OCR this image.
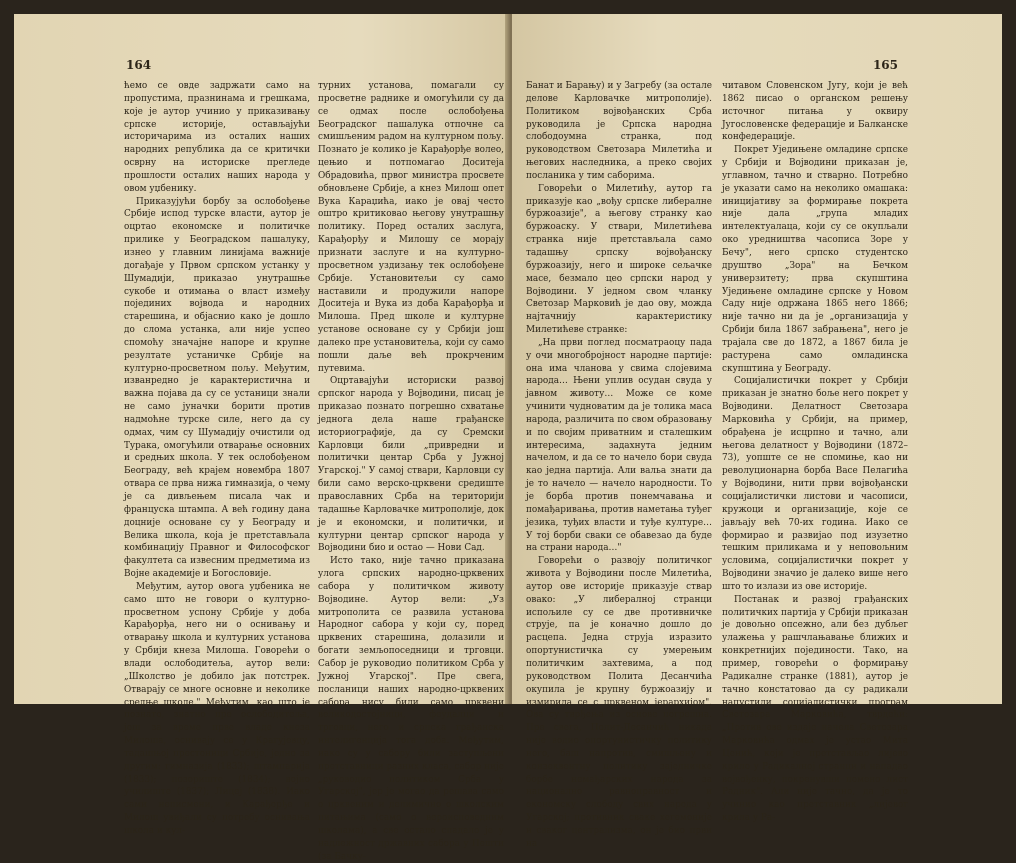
164

ћемо се овде задржати само на пропустима, празнинама и грешкама, које је аутор учинио у приказивању српске историје, остављајући историчарима из осталих наших народних република да се критички осврну на историске прегледе прошлости осталих наших народа у овом уџбенику.

Приказујући борбу за ослобођење Србије испод турске власти, аутор је оцртао економске и политичке прилике у Београдском пашалуку, изнео у главним линијама важније догађаје у Првом српском устанку у Шумадији, приказао унутрашње сукобе и отимања о власт између појединих војвода и народних старешина, и објаснио како је дошло до слома устанка, али није успео спомоћу значајне напоре и крупне резултате устаничке Србије на културно-просветном пољу. Међутим, изванредно је карактеристична и важна појава да су се устаници знали не само јуначки борити против надмоћне турске силе, него да су одмах, чим су Шумадију очистили од Турака, омогућили отварање основних и средњих школа. У тек ослобођеном Београду, већ крајем новембра 1807 отвара се прва нижа гимназија, о чему је са дивљењем писала чак и француска штампа. А већ годину дана доцније основане су у Београду и Велика школа, која је претстављала комбинацију Правног и Философског факултета са извесним предметима из Војне академије и Богословије.

Међутим, аутор овога уџбеника не само што не говори о културно-просветном успону Србије у доба Карађорђа, него ни о оснивању и отварању школа и културних установа у Србији кнеза Милоша. Говорећи о влади ослободитеља, аутор вели: „Школство је добило јак потстрек. Отварају се многе основне и неколике средње школе." Међутим, као што је познато, знатно пре ослободитеља, још за време прве владе кнеза Милоша, оснивају се у Крагујевцу, тадашњој престоници Србије, једно за другим: гимназија (1833); штампарија (1833); позориште (1834); војно училиште (1837); Лицеј (1838). Иако сами неписмени, и Карађорђе и Милош увиђали су потребу оснивања школа и кул-

турних установа, помагали су просветне раднике и омогућили су да се одмах после ослобођења Београдског пашалука отпочне са смишљеним радом на културном пољу. Познато је колико је Карађорђе волео, цењио и потпомагао Доситеја Обрадовића, првог министра просвете обновљене Србије, а кнез Милош опет Вука Караџића, иако је овај често оштро критиковао његову унутрашњу политику. Поред осталих заслуга, Карађорђу и Милошу се морају признати заслуге и на културно-просветном уздизању тек ослобођене Србије. Установитељи су само наставили и продужили напоре Доситеја и Вука из доба Карађорђа и Милоша. Пред школе и културне установе основане су у Србији још далеко пре установитеља, који су само пошли даље већ прокрченим путевима.

Оцртавајући историски развој српског народа у Војводини, писац је приказао познато погрешно схватање једнога дела наше грађанске историографије, да су Сремски Карловци били „привредни и политички центар Срба у Јужној Угарској." У самој ствари, Карловци су били само верско-црквени средиште православних Срба на територији тадашње Карловачке митрополије, док је и економски, и политички, и културни центар српског народа у Војводини био и остао — Нови Сад.

Исто тако, није тачно приказана улога српских народно-црквених сабора у политичком животу Војводине. Аутор вели: „Уз митрополита се развила установа Народног сабора у који су, поред црквених старешина, долазили и богати земљопоседници и трговци. Сабор је руководио политиком Срба у Јужној Угарској". Пре свега, посланици наших народно-црквених сабора нису били само црквени великодостојници, феудалци и трговци, него и српска грађанска интелигенција тога доба. Међутим, иако су у сабору били заступљени претставници разних класа, сабор није „руководио политиком Срба у Угарској", јер је могао да решава само о црквеним и делимично о школским питањима (само о вероисповедним школама), а све остало спадало је у надлежност државних сабора у Пешти (за Бачку-

165

Банат и Барању) и у Загребу (за остале делове Карловачке митрополије). Политиком војвођанских Срба руководила је Српска народна слободоумна странка, под руководством Светозара Милетића и његових наследника, а преко својих посланика у тим саборима.

Говорећи о Милетићу, аутор га приказује као „вођу српске либералне буржоазије", а његову странку као буржоаску. У ствари, Милетићева странка није претстављала само тадашњу српску војвођанску буржоазију, него и широке сељачке масе, безмало цео српски народ у Војводини. У једном свом чланку Светозар Марковић је дао ову, можда најтачнију карактеристику Милетићеве странке:

„На први поглед посматраоцу пада у очи многобројност народне партије: она има чланова у свима слојевима народа… Њени уплив осудан свуда у јавном животу… Може се коме учинити чудноватим да је толика маса народа, различита по свом образовању и по својим приватним и сталешким интересима, задахнута једним начелом, и да се то начело бори свуда као једна партија. Али вальа знати да је то начело — начело народности. То је борба против понемчавања и помађаривања, против наметања туђег језика, туђих власти и туђе културе… У тој борби сваки се обавезао да буде на страни народа…"

Говорећи о развоју политичког живота у Војводини после Милетића, аутор ове историје приказује ствар овако: „У либералној странци испољиле су се две противничке струје, па је коначно дошло до расцепа. Једна струја изразито опортунистичка су умерењим политичким захтевима, а под руководством Полита Десанчића окупила је крупну буржоазију и измирила се с црквеном јерархијом". Ова су тврђења из основе погрешна. Пре свега, Полит-Десанчић никада није водио опортунистичку политику него, баш напротив, смишљену и конзеквентну политику заједничке борбе немађарских народа за национално равноправност и економску слободу свих народа у Угарској; противник сваке хегемоније и сваког централизма, он је био први на

читавом Словенском Југу, који је већ 1862 писао о органском решењу источног питања у оквиру Југословенске федерације и Балканске конфедерације.

Покрет Уједињене омладине српске у Србији и Војводини приказан је, углавном, тачно и стварно. Потребно је указати само на неколико омашака: иницијативу за формирање покрета није дала „група младих интелектуалаца, који су се окупљали око уредништва часописа Зоре у Бечу", него српско студентско друштво „Зора" на Бечком универзитету; прва скупштина Уједињене омладине српске у Новом Саду није одржана 1865 него 1866; није тачно ни да је „организација у Србији била 1867 забрањена", него је трајала све до 1872, а 1867 била је растурена само омладинска скупштина у Београду.

Социјалистички покрет у Србији приказан је знатно боље него покрет у Војводини. Делатност Светозара Марковића у Србији, на пример, обрађена је исцрпно и тачно, али његова делатност у Војводини (1872–73), уопште се не спомиње, као ни револуционарна борба Васе Пелагића у Војводини, нити први војвођански социјалистички листови и часописи, кружоци и организације, које се јављају већ 70-их година. Иако се формирао и развијао под изузетно тешким приликама и у неповољним условима, социјалистички покрет у Војводини значио је далеко више него што то излази из ове историје.

Постанак и развој грађанских политичких партија у Србији приказан је довољно опсежно, али без дубљег улажења у рашчлањавање ближих и конкретнијих појединости. Тако, на пример, говорећи о формирању Радикалне странке (1881), аутор је тачно констатовао да су радикали напустили социјалистички програм Светозара Марковића, тврдећи: „Против ове издаје начела Светозара Марковића одмах је устао Мита Ценић, који је претстављао лијево крило у Радикалној странци и нападао војвођенку, покренувши помено лист Радник". Али није тачно, да је то учинио као претставник „лијевог крила у Ра-
